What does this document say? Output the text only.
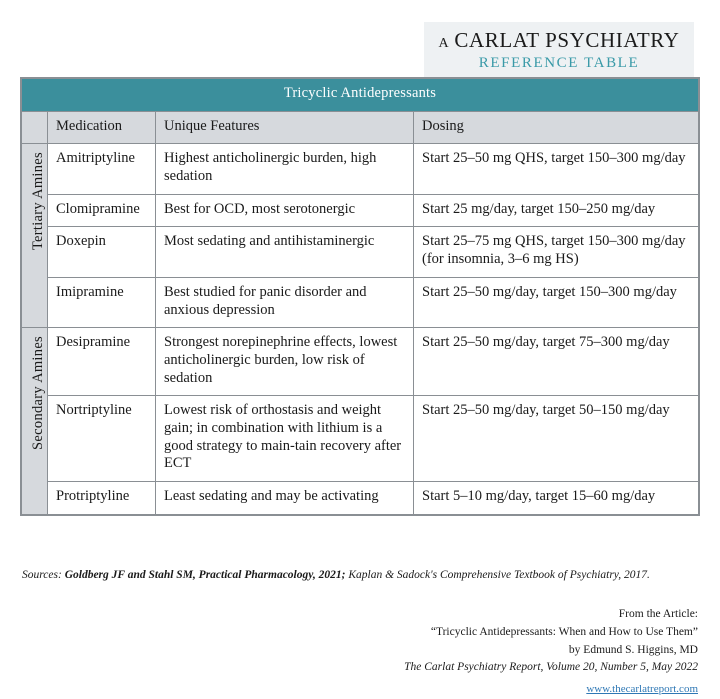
A CARLAT PSYCHIATRY
REFERENCE TABLE
Tricyclic Antidepressants			
	Medication	Unique Features	Dosing
Tertiary Amines	Amitriptyline	Highest anticholinergic burden, high sedation	Start 25–50 mg QHS, target 150–300 mg/day
	Clomipramine	Best for OCD, most serotonergic	Start 25 mg/day, target 150–250 mg/day
	Doxepin	Most sedating and antihistaminergic	Start 25–75 mg QHS, target 150–300 mg/day (for insomnia, 3–6 mg HS)
	Imipramine	Best studied for panic disorder and anxious depression	Start 25–50 mg/day, target 150–300 mg/day
Secondary Amines	Desipramine	Strongest norepinephrine effects, lowest anticholinergic burden, low risk of sedation	Start 25–50 mg/day, target 75–300 mg/day
	Nortriptyline	Lowest risk of orthostasis and weight gain; in combination with lithium is a good strategy to main-tain recovery after ECT	Start 25–50 mg/day, target 50–150 mg/day
	Protriptyline	Least sedating and may be activating	Start 5–10 mg/day, target 15–60 mg/day
Sources: Goldberg JF and Stahl SM, Practical Pharmacology, 2021; Kaplan & Sadock's Comprehensive Textbook of Psychiatry, 2017.
From the Article:
“Tricyclic Antidepressants: When and How to Use Them”
by Edmund S. Higgins, MD
The Carlat Psychiatry Report, Volume 20, Number 5, May 2022
www.thecarlatreport.com
